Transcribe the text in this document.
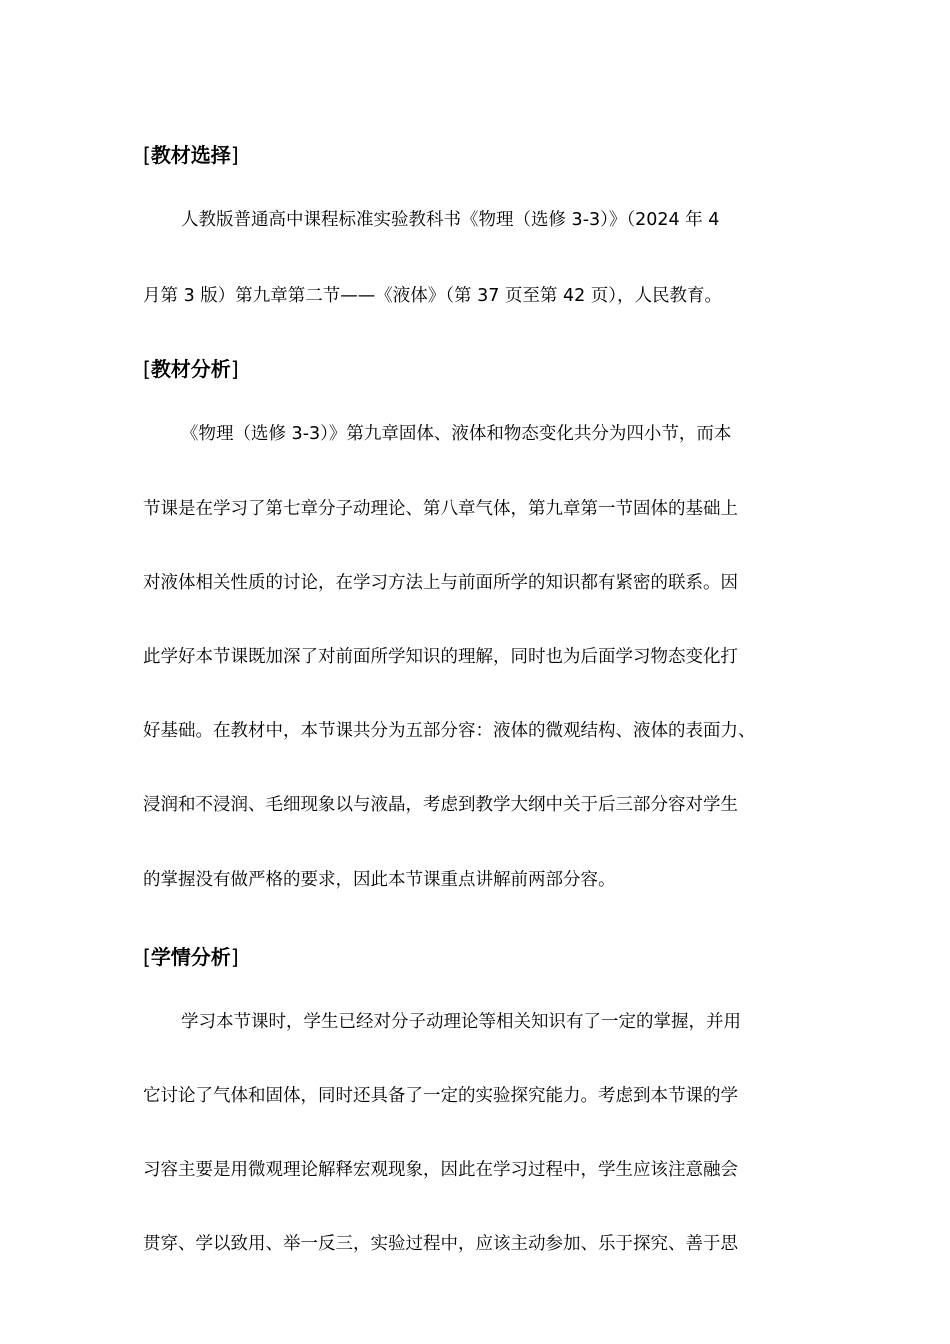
[教材选择]
人教版普通高中课程标准实验教科书《物理（选修 3-3）》（2024 年 4
月第 3 版）第九章第二节——《液体》（第 37 页至第 42 页），人民教育。
[教材分析]
《物理（选修 3-3）》第九章固体、液体和物态变化共分为四小节，而本
节课是在学习了第七章分子动理论、第八章气体，第九章第一节固体的基础上
对液体相关性质的讨论，在学习方法上与前面所学的知识都有紧密的联系。因
此学好本节课既加深了对前面所学知识的理解，同时也为后面学习物态变化打
好基础。在教材中，本节课共分为五部分容：液体的微观结构、液体的表面力、
浸润和不浸润、毛细现象以与液晶，考虑到教学大纲中关于后三部分容对学生
的掌握没有做严格的要求，因此本节课重点讲解前两部分容。
[学情分析]
学习本节课时，学生已经对分子动理论等相关知识有了一定的掌握，并用
它讨论了气体和固体，同时还具备了一定的实验探究能力。考虑到本节课的学
习容主要是用微观理论解释宏观现象，因此在学习过程中，学生应该注意融会
贯穿、学以致用、举一反三，实验过程中，应该主动参加、乐于探究、善于思
